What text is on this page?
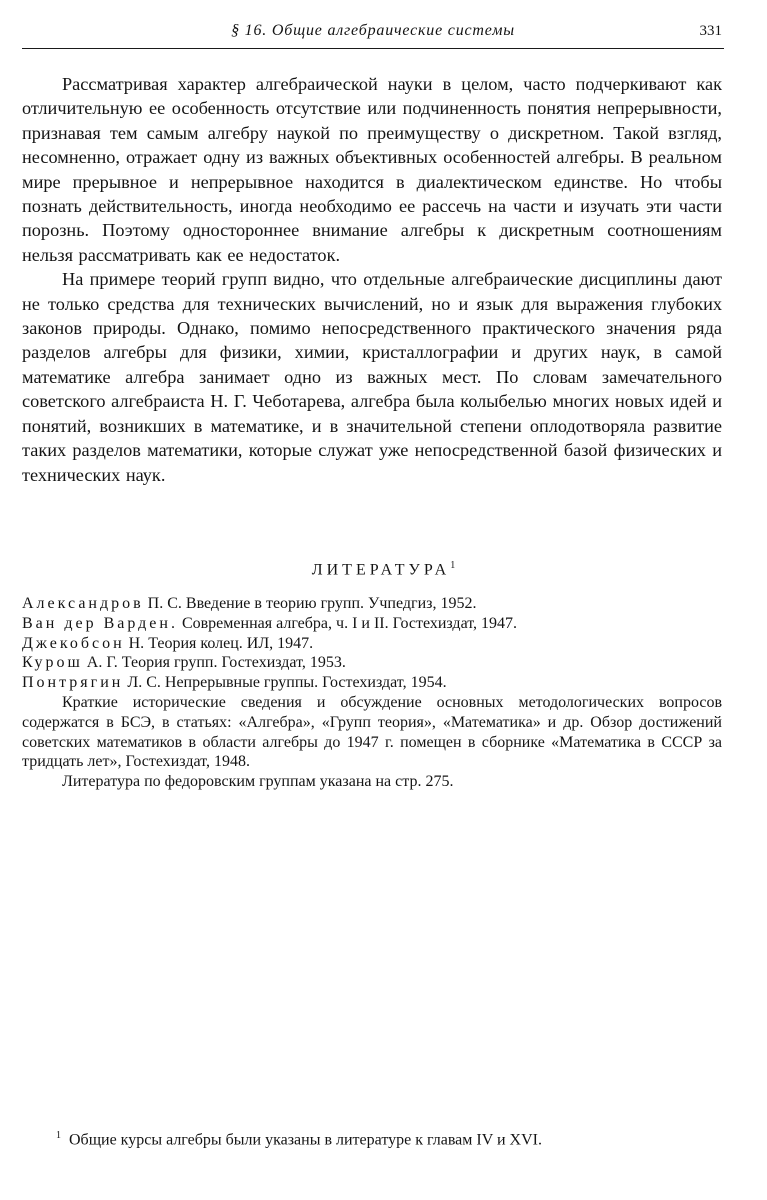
§ 16. Общие алгебраические системы	331

Рассматривая характер алгебраической науки в целом, часто подчеркивают как отличительную ее особенность отсутствие или подчиненность понятия непрерывности, признавая тем самым алгебру наукой по преимуществу о дискретном. Такой взгляд, несомненно, отражает одну из важных объективных особенностей алгебры. В реальном мире прерывное и непрерывное находится в диалектическом единстве. Но чтобы познать действительность, иногда необходимо ее рассечь на части и изучать эти части порознь. Поэтому одностороннее внимание алгебры к дискретным соотношениям нельзя рассматривать как ее недостаток.

На примере теорий групп видно, что отдельные алгебраические дисциплины дают не только средства для технических вычислений, но и язык для выражения глубоких законов природы. Однако, помимо непосредственного практического значения ряда разделов алгебры для физики, химии, кристаллографии и других наук, в самой математике алгебра занимает одно из важных мест. По словам замечательного советского алгебраиста Н. Г. Чеботарева, алгебра была колыбелью многих новых идей и понятий, возникших в математике, и в значительной степени оплодотворяла развитие таких разделов математики, которые служат уже непосредственной базой физических и технических наук.

ЛИТЕРАТУРА$^1$
Александров П. С. Введение в теорию групп. Учпедгиз, 1952.
Ван дер Варден. Современная алгебра, ч. I и II. Гостехиздат, 1947.
Джекобсон Н. Теория колец. ИЛ, 1947.
Курош А. Г. Теория групп. Гостехиздат, 1953.
Понтрягин Л. С. Непрерывные группы. Гостехиздат, 1954.

Краткие исторические сведения и обсуждение основных методологических вопросов содержатся в БСЭ, в статьях: «Алгебра», «Групп теория», «Математика» и др. Обзор достижений советских математиков в области алгебры до 1947 г. помещен в сборнике «Математика в СССР за тридцать лет», Гостехиздат, 1948.

Литература по федоровским группам указана на стр. 275.

$^1$ Общие курсы алгебры были указаны в литературе к главам IV и XVI.
